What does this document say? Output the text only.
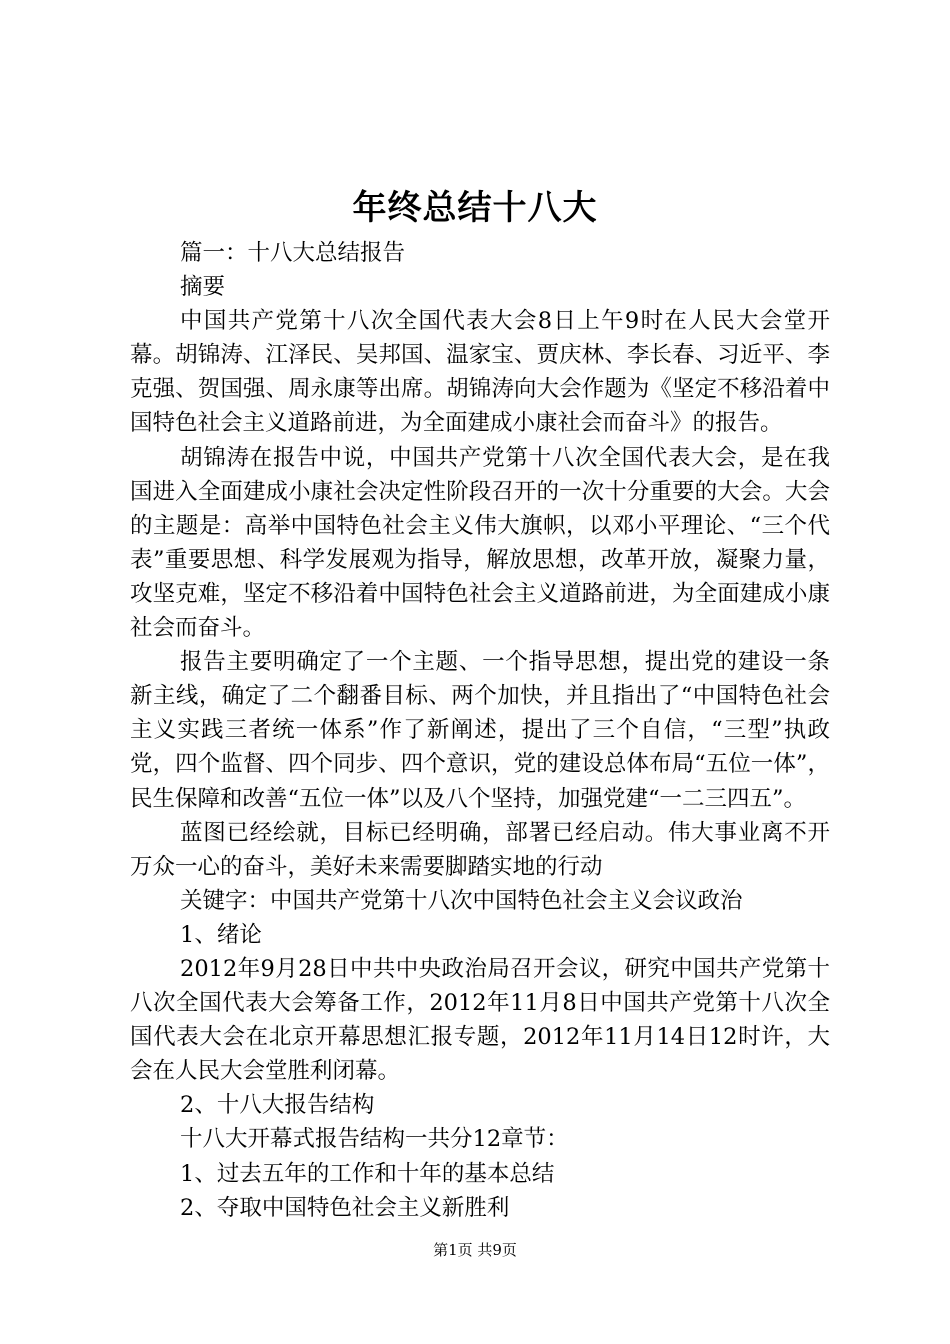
年终总结十八大

篇一：十八大总结报告

摘要

中国共产党第十八次全国代表大会8日上午9时在人民大会堂开幕。胡锦涛、江泽民、吴邦国、温家宝、贾庆林、李长春、习近平、李克强、贺国强、周永康等出席。胡锦涛向大会作题为《坚定不移沿着中国特色社会主义道路前进，为全面建成小康社会而奋斗》的报告。

胡锦涛在报告中说，中国共产党第十八次全国代表大会，是在我国进入全面建成小康社会决定性阶段召开的一次十分重要的大会。大会的主题是：高举中国特色社会主义伟大旗帜，以邓小平理论、“三个代表”重要思想、科学发展观为指导，解放思想，改革开放，凝聚力量，攻坚克难，坚定不移沿着中国特色社会主义道路前进，为全面建成小康社会而奋斗。

报告主要明确定了一个主题、一个指导思想，提出党的建设一条新主线，确定了二个翻番目标、两个加快，并且指出了“中国特色社会主义实践三者统一体系”作了新阐述，提出了三个自信，“三型”执政党，四个监督、四个同步、四个意识，党的建设总体布局“五位一体”，民生保障和改善“五位一体”以及八个坚持，加强党建“一二三四五”。

蓝图已经绘就，目标已经明确，部署已经启动。伟大事业离不开万众一心的奋斗，美好未来需要脚踏实地的行动

关键字：中国共产党第十八次中国特色社会主义会议政治

1、绪论

2012年9月28日中共中央政治局召开会议，研究中国共产党第十八次全国代表大会筹备工作，2012年11月8日中国共产党第十八次全国代表大会在北京开幕思想汇报专题，2012年11月14日12时许，大会在人民大会堂胜利闭幕。

2、十八大报告结构

十八大开幕式报告结构一共分12章节：

1、过去五年的工作和十年的基本总结

2、夺取中国特色社会主义新胜利

第1页 共9页
